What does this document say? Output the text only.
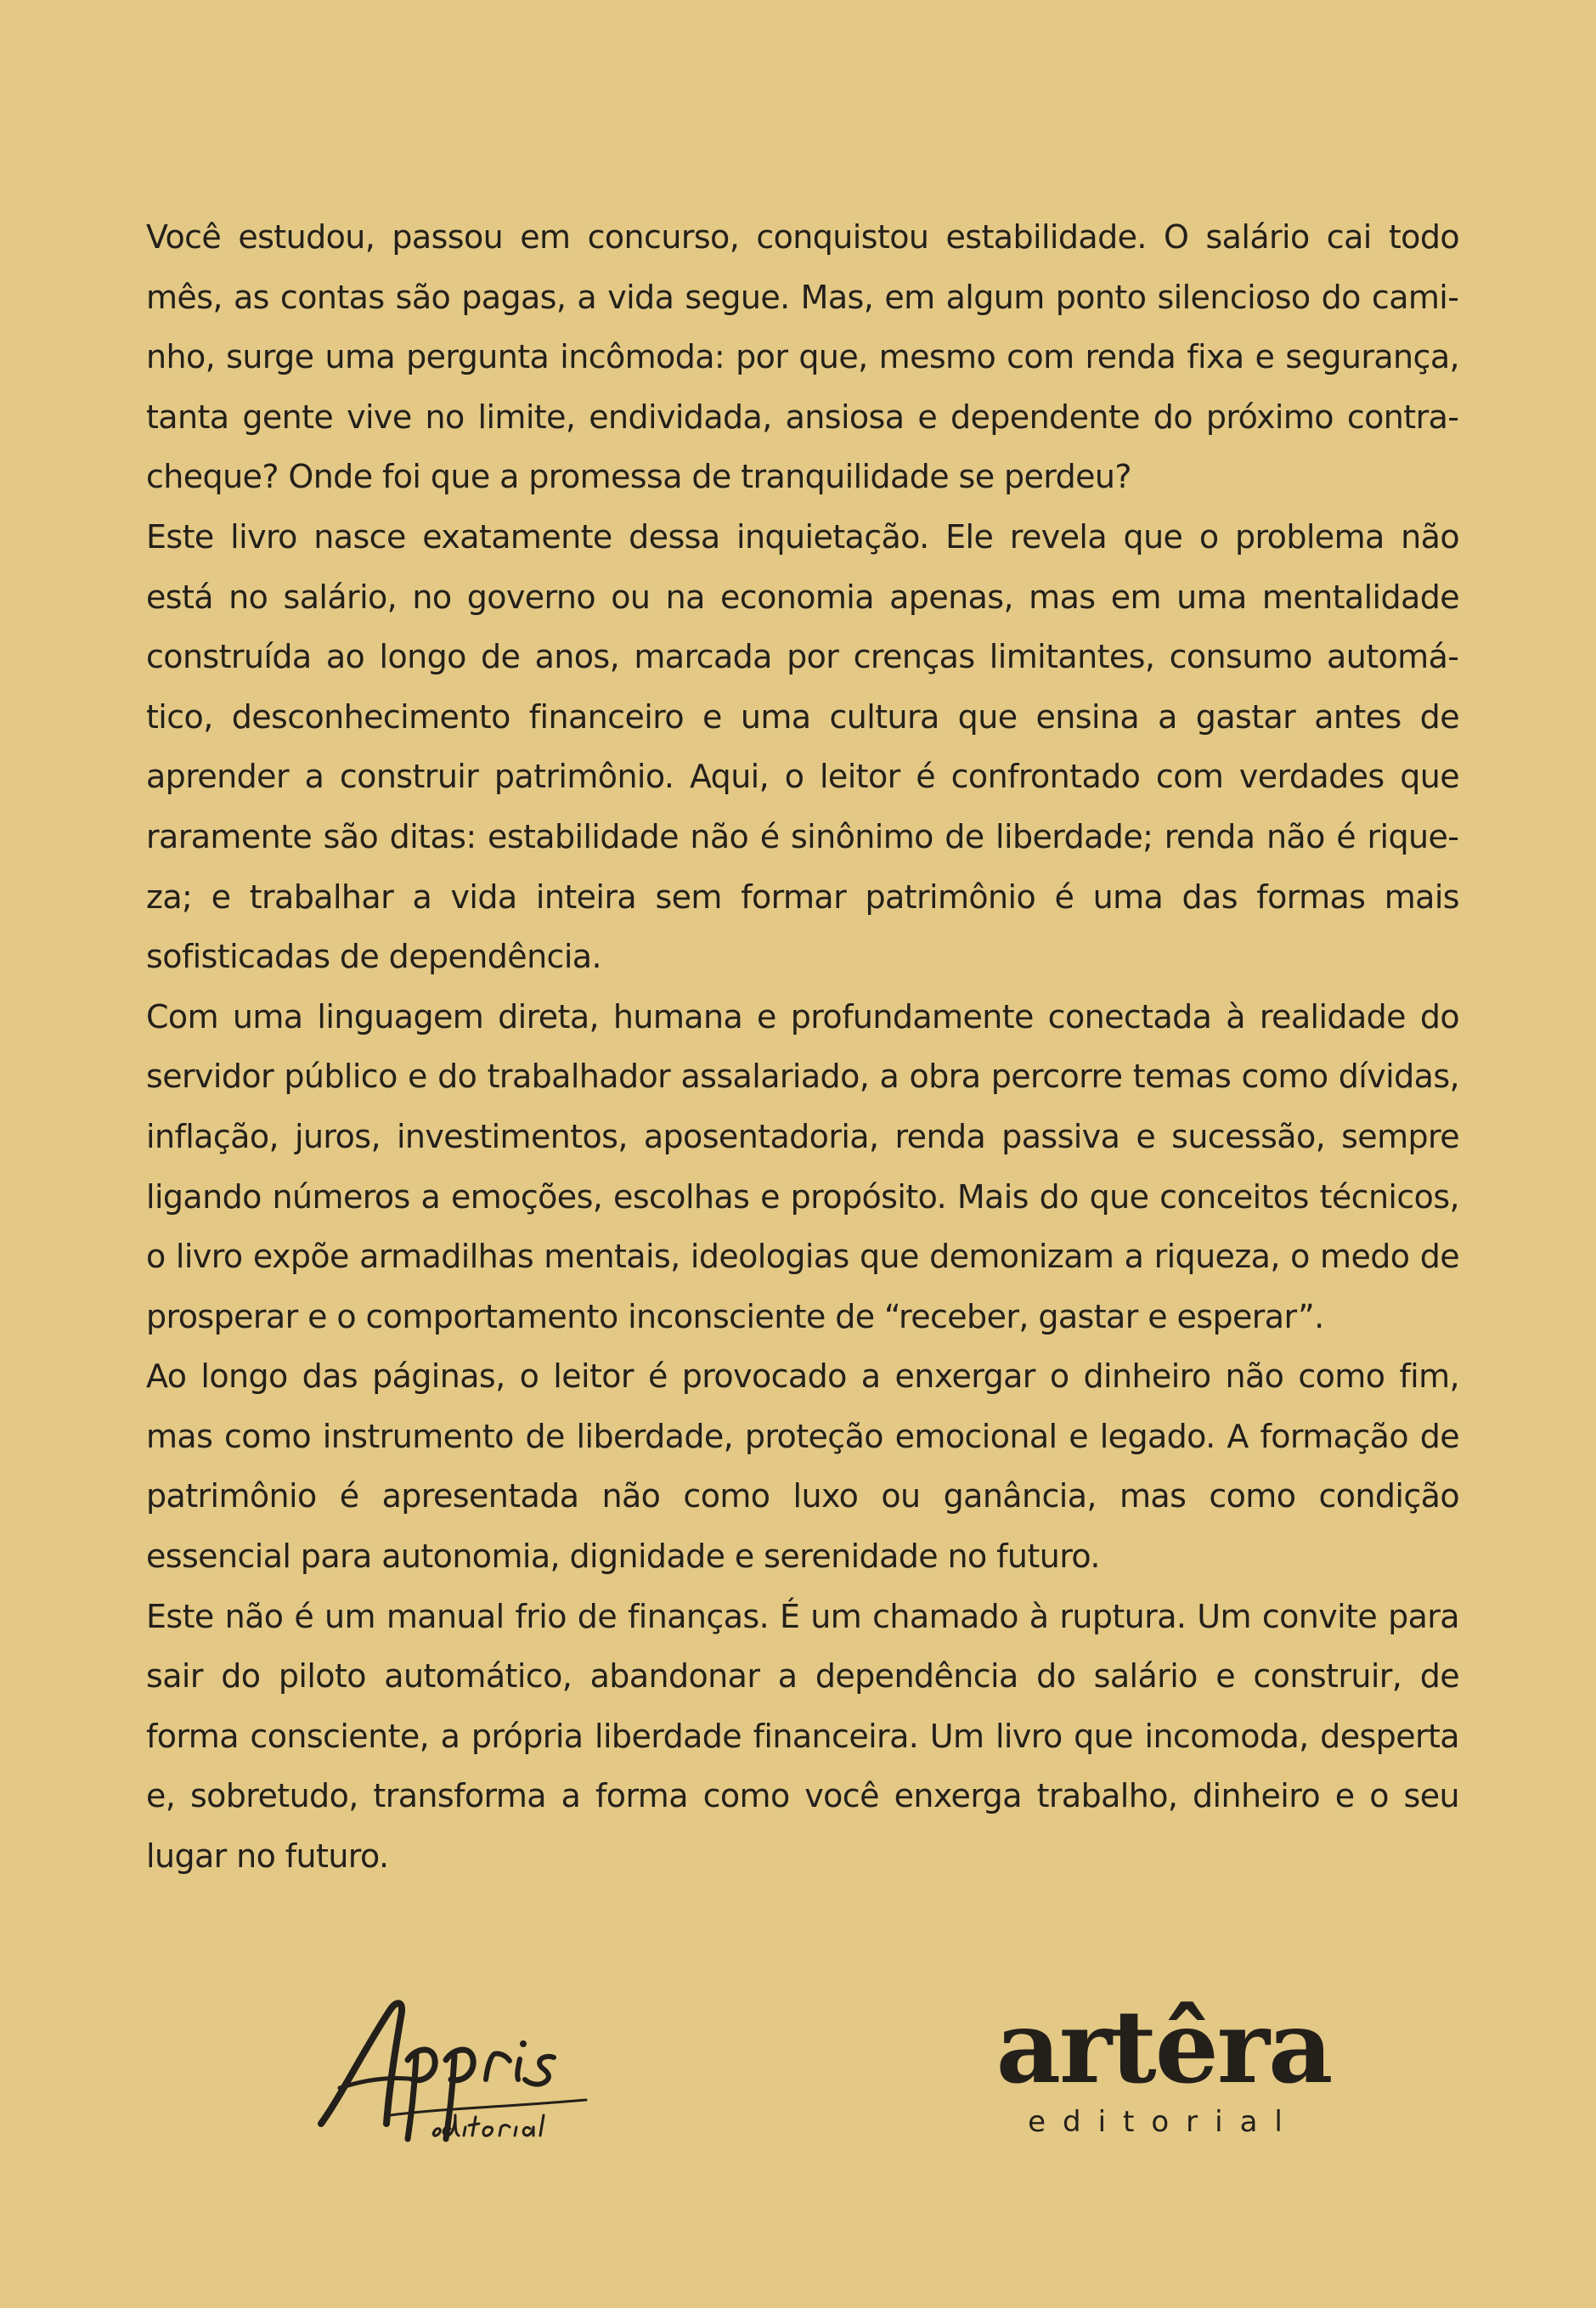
Você estudou, passou em concurso, conquistou estabilidade. O salário cai todo mês, as contas são pagas, a vida segue. Mas, em algum ponto silencioso do caminho, surge uma pergunta incômoda: por que, mesmo com renda fixa e segurança, tanta gente vive no limite, endividada, ansiosa e dependente do próximo contracheque? Onde foi que a promessa de tranquilidade se perdeu?

Este livro nasce exatamente dessa inquietação. Ele revela que o problema não está no salário, no governo ou na economia apenas, mas em uma mentalidade construída ao longo de anos, marcada por crenças limitantes, consumo automático, desconhecimento financeiro e uma cultura que ensina a gastar antes de aprender a construir patrimônio. Aqui, o leitor é confrontado com verdades que raramente são ditas: estabilidade não é sinônimo de liberdade; renda não é riqueza; e trabalhar a vida inteira sem formar patrimônio é uma das formas mais sofisticadas de dependência.

Com uma linguagem direta, humana e profundamente conectada à realidade do servidor público e do trabalhador assalariado, a obra percorre temas como dívidas, inflação, juros, investimentos, aposentadoria, renda passiva e sucessão, sempre ligando números a emoções, escolhas e propósito. Mais do que conceitos técnicos, o livro expõe armadilhas mentais, ideologias que demonizam a riqueza, o medo de prosperar e o comportamento inconsciente de “receber, gastar e esperar”.

Ao longo das páginas, o leitor é provocado a enxergar o dinheiro não como fim, mas como instrumento de liberdade, proteção emocional e legado. A formação de patrimônio é apresentada não como luxo ou ganância, mas como condição essencial para autonomia, dignidade e serenidade no futuro.

Este não é um manual frio de finanças. É um chamado à ruptura. Um convite para sair do piloto automático, abandonar a dependência do salário e construir, de forma consciente, a própria liberdade financeira. Um livro que incomoda, desperta e, sobretudo, transforma a forma como você enxerga trabalho, dinheiro e o seu lugar no futuro.

artêra
editorial
